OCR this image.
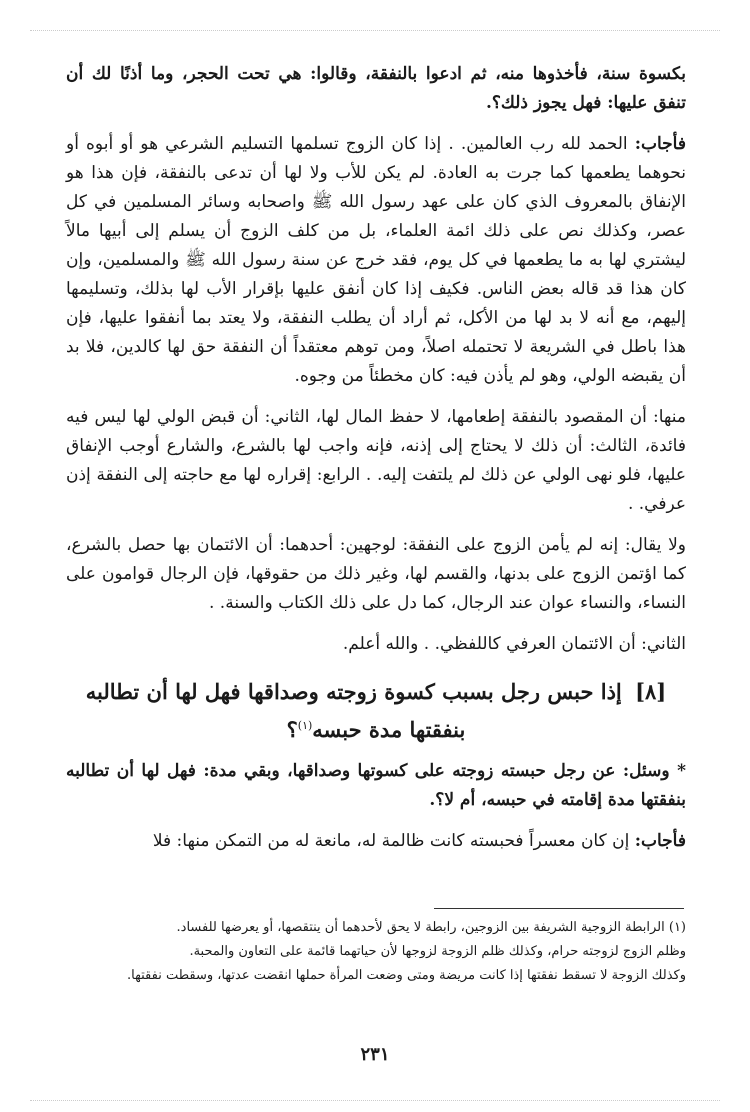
بكسوة سنة، فأخذوها منه، ثم ادعوا بالنفقة، وقالوا: هي تحت الحجر، وما أذنًا لك أن تنفق عليها: فهل يجوز ذلك؟.

فأجاب: الحمد لله رب العالمين. . إذا كان الزوج تسلمها التسليم الشرعي هو أو أبوه أو نحوهما يطعمها كما جرت به العادة. لم يكن للأب ولا لها أن تدعى بالنفقة، فإن هذا هو الإنفاق بالمعروف الذي كان على عهد رسول الله ﷺ واصحابه وسائر المسلمين في كل عصر، وكذلك نص على ذلك ائمة العلماء، بل من كلف الزوج أن يسلم إلى أبيها مالاً ليشتري لها به ما يطعمها في كل يوم، فقد خرج عن سنة رسول الله ﷺ والمسلمين، وإن كان هذا قد قاله بعض الناس. فكيف إذا كان أنفق عليها بإقرار الأب لها بذلك، وتسليمها إليهم، مع أنه لا بد لها من الأكل، ثم أراد أن يطلب النفقة، ولا يعتد بما أنفقوا عليها، فإن هذا باطل في الشريعة لا تحتمله اصلاً، ومن توهم معتقداً أن النفقة حق لها كالدين، فلا بد أن يقبضه الولي، وهو لم يأذن فيه: كان مخطئاً من وجوه.

منها: أن المقصود بالنفقة إطعامها، لا حفظ المال لها، الثاني: أن قبض الولي لها ليس فيه فائدة، الثالث: أن ذلك لا يحتاج إلى إذنه، فإنه واجب لها بالشرع، والشارع أوجب الإنفاق عليها، فلو نهى الولي عن ذلك لم يلتفت إليه. . الرابع: إقراره لها مع حاجته إلى النفقة إذن عرفي. .

ولا يقال: إنه لم يأمن الزوج على النفقة: لوجهين: أحدهما: أن الائتمان بها حصل بالشرع، كما اؤتمن الزوج على بدنها، والقسم لها، وغير ذلك من حقوقها، فإن الرجال قوامون على النساء، والنساء عوان عند الرجال، كما دل على ذلك الكتاب والسنة. .

الثاني: أن الائتمان العرفي كاللفظي. . والله أعلم.

[٨] إذا حبس رجل بسبب كسوة زوجته وصداقها فهل لها أن تطالبه بنفقتها مدة حبسه$^{(١)}$؟

* وسئل: عن رجل حبسته زوجته على كسوتها وصداقها، وبقي مدة: فهل لها أن تطالبه بنفقتها مدة إقامته في حبسه، أم لا؟.

فأجاب: إن كان معسراً فحبسته كانت ظالمة له، مانعة له من التمكن منها: فلا

(١) الرابطة الزوجية الشريفة بين الزوجين، رابطة لا يحق لأحدهما أن ينتقصها، أو يعرضها للفساد.

وظلم الزوج لزوجته حرام، وكذلك ظلم الزوجة لزوجها لأن حياتهما قائمة على التعاون والمحبة.

وكذلك الزوجة لا تسقط نفقتها إذا كانت مريضة ومتى وضعت المرأة حملها انقضت عدتها، وسقطت نفقتها.

٢٣١
